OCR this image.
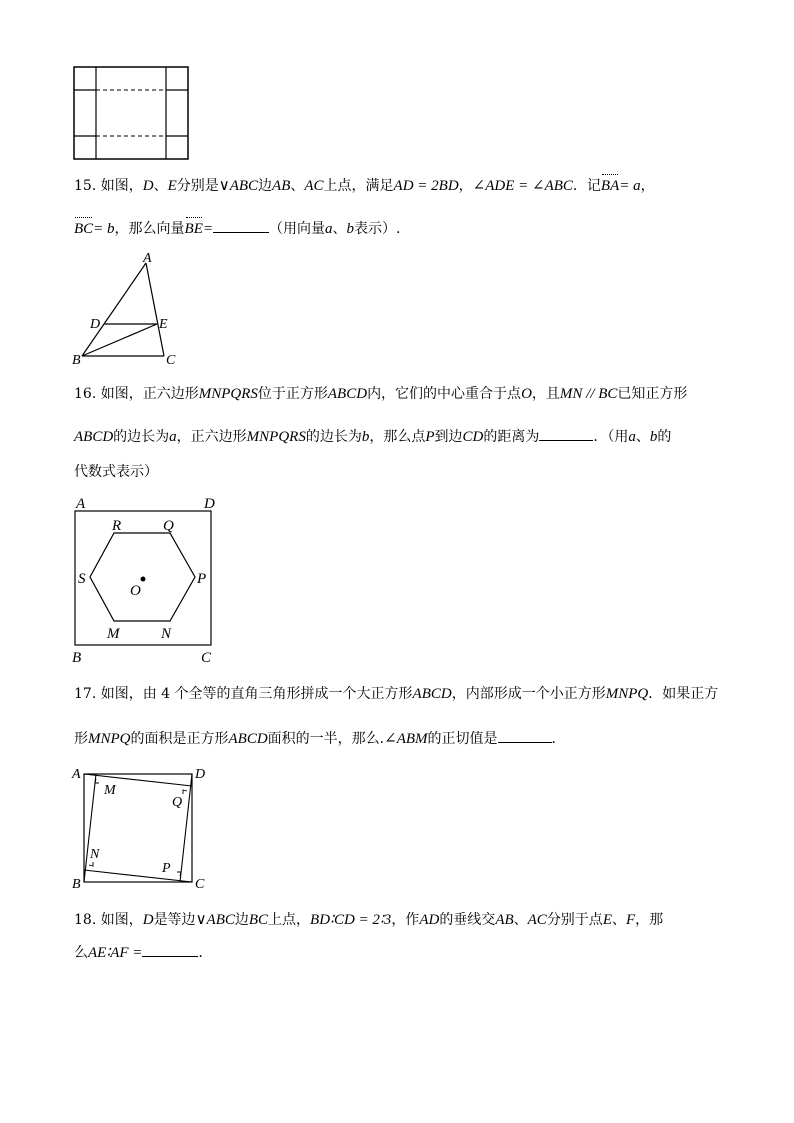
15. 如图，D、E分别是∨ABC边AB、AC上点，满足AD = 2BD，∠ADE = ∠ABC．记BA= a，
BC= b，那么向量BE=	（用向量a、b表示）.
A
D	E
B	C
16. 如图，正六边形MNPQRS位于正方形ABCD内，它们的中心重合于点O，且MN // BC已知正方形
ABCD的边长为a，正六边形MNPQRS的边长为b，那么点P到边CD的距离为	．（用a、b的
代数式表示）
A	D
R	Q
S	P
O
M	N
B	C
17. 如图，由 4 个全等的直角三角形拼成一个大正方形ABCD，内部形成一个小正方形MNPQ．如果正方
形MNPQ的面积是正方形ABCD面积的一半，那么.∠ABM的正切值是	．
A	D
M
Q
N
P
B	C
18. 如图，D是等边∨ABC边BC上点，BD∶CD = 2∶3，作AD的垂线交AB、AC分别于点E、F，那
么AE∶AF =	．
